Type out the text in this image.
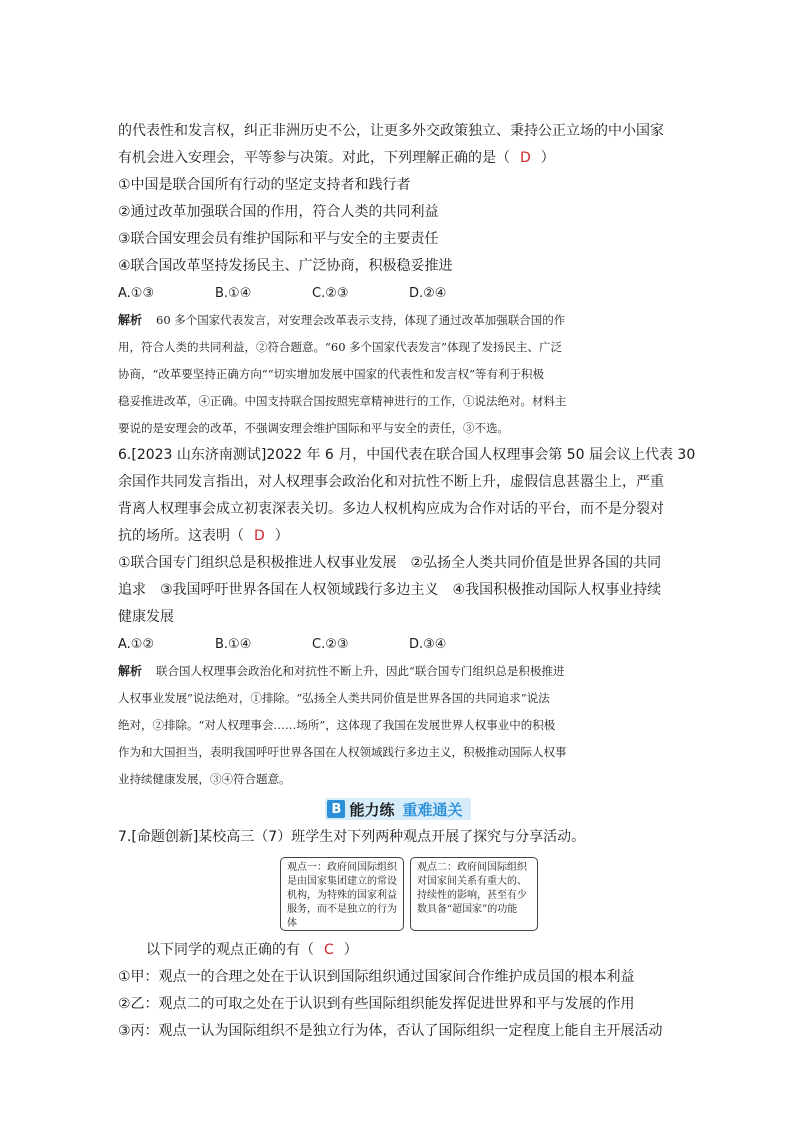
的代表性和发言权，纠正非洲历史不公，让更多外交政策独立、秉持公正立场的中小国家
有机会进入安理会，平等参与决策。对此，下列理解正确的是（ D ）
①中国是联合国所有行动的坚定支持者和践行者
②通过改革加强联合国的作用，符合人类的共同利益
③联合国安理会员有维护国际和平与安全的主要责任
④联合国改革坚持发扬民主、广泛协商，积极稳妥推进
A.①③	B.①④	C.②③	D.②④
解析 60 多个国家代表发言，对安理会改革表示支持，体现了通过改革加强联合国的作
用，符合人类的共同利益，②符合题意。“60 多个国家代表发言”体现了发扬民主、广泛
协商，“改革要坚持正确方向”“切实增加发展中国家的代表性和发言权”等有利于积极
稳妥推进改革，④正确。中国支持联合国按照宪章精神进行的工作，①说法绝对。材料主
要说的是安理会的改革，不强调安理会维护国际和平与安全的责任，③不选。
6.[2023 山东济南测试]2022 年 6 月，中国代表在联合国人权理事会第 50 届会议上代表 30
余国作共同发言指出，对人权理事会政治化和对抗性不断上升，虚假信息甚嚣尘上，严重
背离人权理事会成立初衷深表关切。多边人权机构应成为合作对话的平台，而不是分裂对
抗的场所。这表明（ D ）
①联合国专门组织总是积极推进人权事业发展　②弘扬全人类共同价值是世界各国的共同
追求　③我国呼吁世界各国在人权领域践行多边主义　④我国积极推动国际人权事业持续
健康发展
A.①②	B.①④	C.②③	D.③④
解析 联合国人权理事会政治化和对抗性不断上升，因此“联合国专门组织总是积极推进
人权事业发展”说法绝对，①排除。“弘扬全人类共同价值是世界各国的共同追求”说法
绝对，②排除。“对人权理事会……场所”，这体现了我国在发展世界人权事业中的积极
作为和大国担当，表明我国呼吁世界各国在人权领域践行多边主义，积极推动国际人权事
业持续健康发展，③④符合题意。
B 能力练 重难通关
7.[命题创新]某校高三（7）班学生对下列两种观点开展了探究与分享活动。
观点一：政府间国际组织是由国家集团建立的常设机构，为特殊的国家利益服务，而不是独立的行为体
观点二：政府间国际组织对国家间关系有重大的、持续性的影响，甚至有少数具备“超国家”的功能
以下同学的观点正确的有（ C ）
①甲：观点一的合理之处在于认识到国际组织通过国家间合作维护成员国的根本利益
②乙：观点二的可取之处在于认识到有些国际组织能发挥促进世界和平与发展的作用
③丙：观点一认为国际组织不是独立行为体，否认了国际组织一定程度上能自主开展活动
